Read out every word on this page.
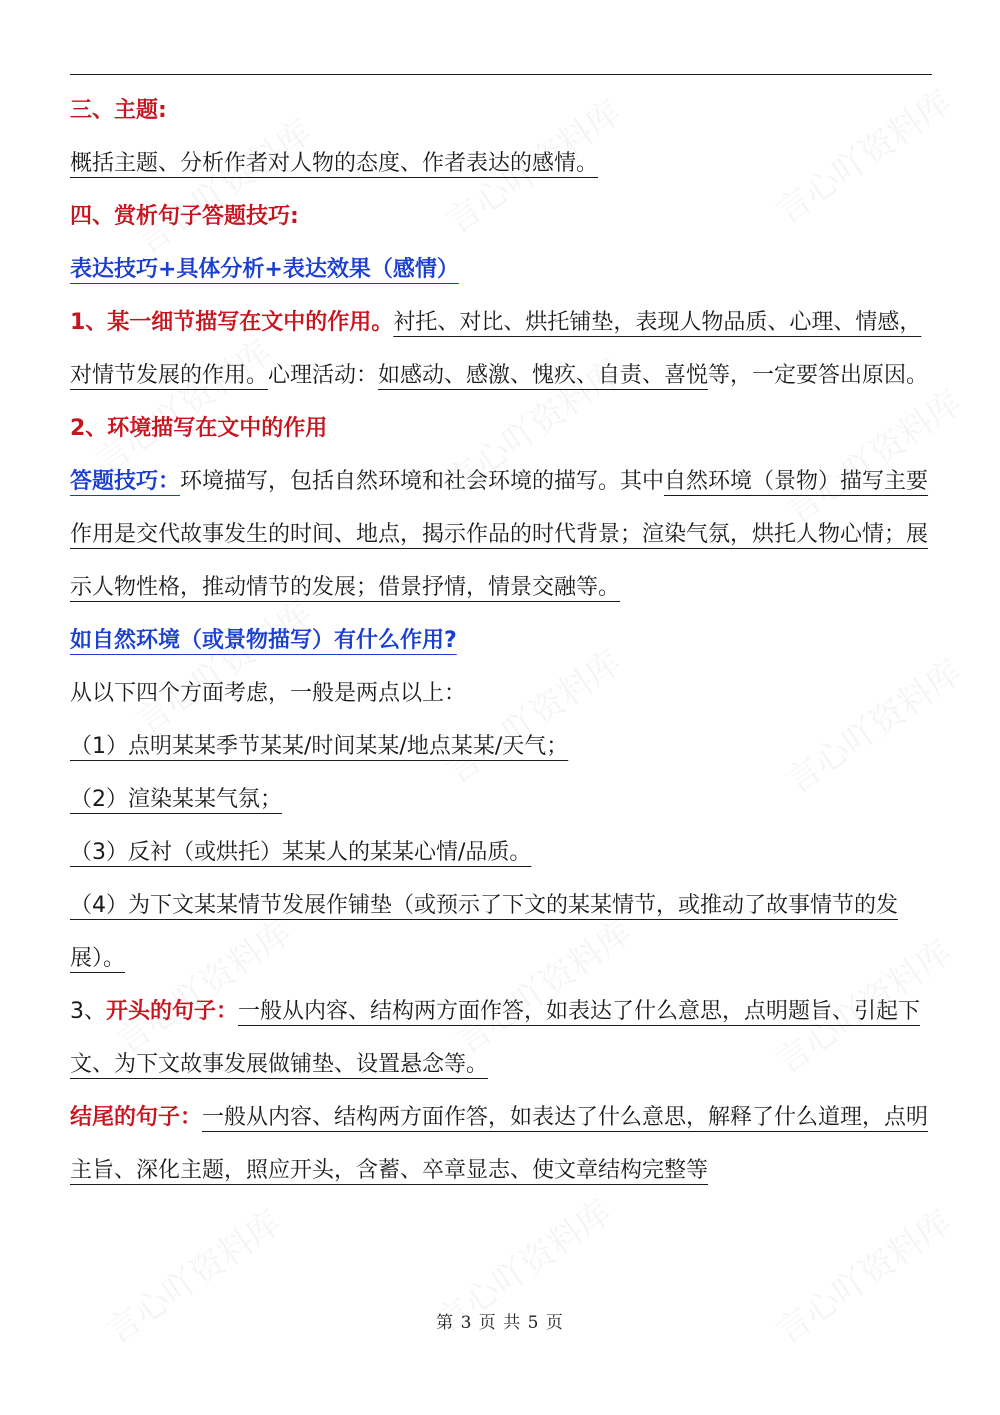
三、主题:
概括主题、分析作者对人物的态度、作者表达的感情。
四、赏析句子答题技巧:
表达技巧+具体分析+表达效果（感情）
1、某一细节描写在文中的作用。衬托、对比、烘托铺垫，表现人物品质、心理、情感，对情节发展的作用。心理活动：如感动、感激、愧疚、自责、喜悦等，一定要答出原因。
2、环境描写在文中的作用
答题技巧：环境描写，包括自然环境和社会环境的描写。其中自然环境（景物）描写主要作用是交代故事发生的时间、地点，揭示作品的时代背景；渲染气氛，烘托人物心情；展示人物性格，推动情节的发展；借景抒情，情景交融等。
如自然环境（或景物描写）有什么作用?
从以下四个方面考虑，一般是两点以上：
（1）点明某某季节某某/时间某某/地点某某/天气；
（2）渲染某某气氛；
（3）反衬（或烘托）某某人的某某心情/品质。
（4）为下文某某情节发展作铺垫（或预示了下文的某某情节，或推动了故事情节的发展）。
3、开头的句子：一般从内容、结构两方面作答，如表达了什么意思，点明题旨、引起下文、为下文故事发展做铺垫、设置悬念等。
结尾的句子：一般从内容、结构两方面作答，如表达了什么意思，解释了什么道理，点明主旨、深化主题，照应开头，含蓄、卒章显志、使文章结构完整等
第 3 页 共 5 页
